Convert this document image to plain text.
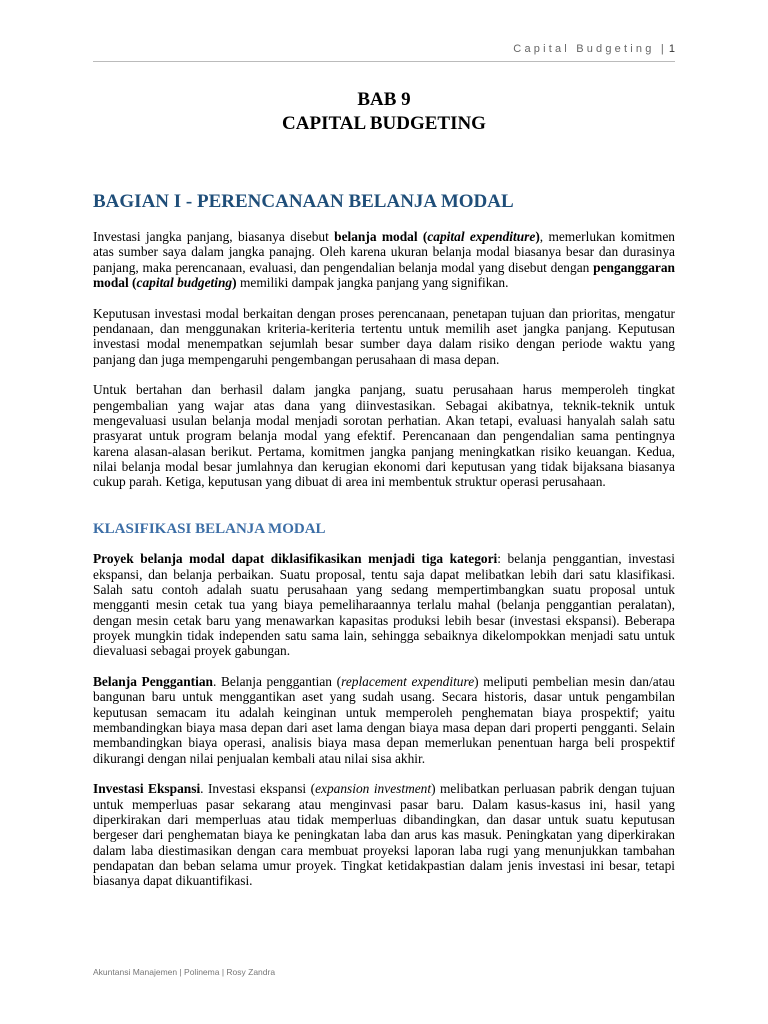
Capital Budgeting | 1
BAB 9
CAPITAL BUDGETING
BAGIAN I - PERENCANAAN BELANJA MODAL

Investasi jangka panjang, biasanya disebut belanja modal (capital expenditure), memerlukan komitmen atas sumber saya dalam jangka panajng. Oleh karena ukuran belanja modal biasanya besar dan durasinya panjang, maka perencanaan, evaluasi, dan pengendalian belanja modal yang disebut dengan penganggaran modal (capital budgeting) memiliki dampak jangka panjang yang signifikan.

Keputusan investasi modal berkaitan dengan proses perencanaan, penetapan tujuan dan prioritas, mengatur pendanaan, dan menggunakan kriteria-keriteria tertentu untuk memilih aset jangka panjang. Keputusan investasi modal menempatkan sejumlah besar sumber daya dalam risiko dengan periode waktu yang panjang dan juga mempengaruhi pengembangan perusahaan di masa depan.

Untuk bertahan dan berhasil dalam jangka panjang, suatu perusahaan harus memperoleh tingkat pengembalian yang wajar atas dana yang diinvestasikan. Sebagai akibatnya, teknik-teknik untuk mengevaluasi usulan belanja modal menjadi sorotan perhatian. Akan tetapi, evaluasi hanyalah salah satu prasyarat untuk program belanja modal yang efektif. Perencanaan dan pengendalian sama pentingnya karena alasan-alasan berikut. Pertama, komitmen jangka panjang meningkatkan risiko keuangan. Kedua, nilai belanja modal besar jumlahnya dan kerugian ekonomi dari keputusan yang tidak bijaksana biasanya cukup parah. Ketiga, keputusan yang dibuat di area ini membentuk struktur operasi perusahaan.

KLASIFIKASI BELANJA MODAL

Proyek belanja modal dapat diklasifikasikan menjadi tiga kategori: belanja penggantian, investasi ekspansi, dan belanja perbaikan. Suatu proposal, tentu saja dapat melibatkan lebih dari satu klasifikasi. Salah satu contoh adalah suatu perusahaan yang sedang mempertimbangkan suatu proposal untuk mengganti mesin cetak tua yang biaya pemeliharaannya terlalu mahal (belanja penggantian peralatan), dengan mesin cetak baru yang menawarkan kapasitas produksi lebih besar (investasi ekspansi). Beberapa proyek mungkin tidak independen satu sama lain, sehingga sebaiknya dikelompokkan menjadi satu untuk dievaluasi sebagai proyek gabungan.

Belanja Penggantian. Belanja penggantian (replacement expenditure) meliputi pembelian mesin dan/atau bangunan baru untuk menggantikan aset yang sudah usang. Secara historis, dasar untuk pengambilan keputusan semacam itu adalah keinginan untuk memperoleh penghematan biaya prospektif; yaitu membandingkan biaya masa depan dari aset lama dengan biaya masa depan dari properti pengganti. Selain membandingkan biaya operasi, analisis biaya masa depan memerlukan penentuan harga beli prospektif dikurangi dengan nilai penjualan kembali atau nilai sisa akhir.

Investasi Ekspansi. Investasi ekspansi (expansion investment) melibatkan perluasan pabrik dengan tujuan untuk memperluas pasar sekarang atau menginvasi pasar baru. Dalam kasus-kasus ini, hasil yang diperkirakan dari memperluas atau tidak memperluas dibandingkan, dan dasar untuk suatu keputusan bergeser dari penghematan biaya ke peningkatan laba dan arus kas masuk. Peningkatan yang diperkirakan dalam laba diestimasikan dengan cara membuat proyeksi laporan laba rugi yang menunjukkan tambahan pendapatan dan beban selama umur proyek. Tingkat ketidakpastian dalam jenis investasi ini besar, tetapi biasanya dapat dikuantifikasi.

Akuntansi Manajemen | Polinema | Rosy Zandra
